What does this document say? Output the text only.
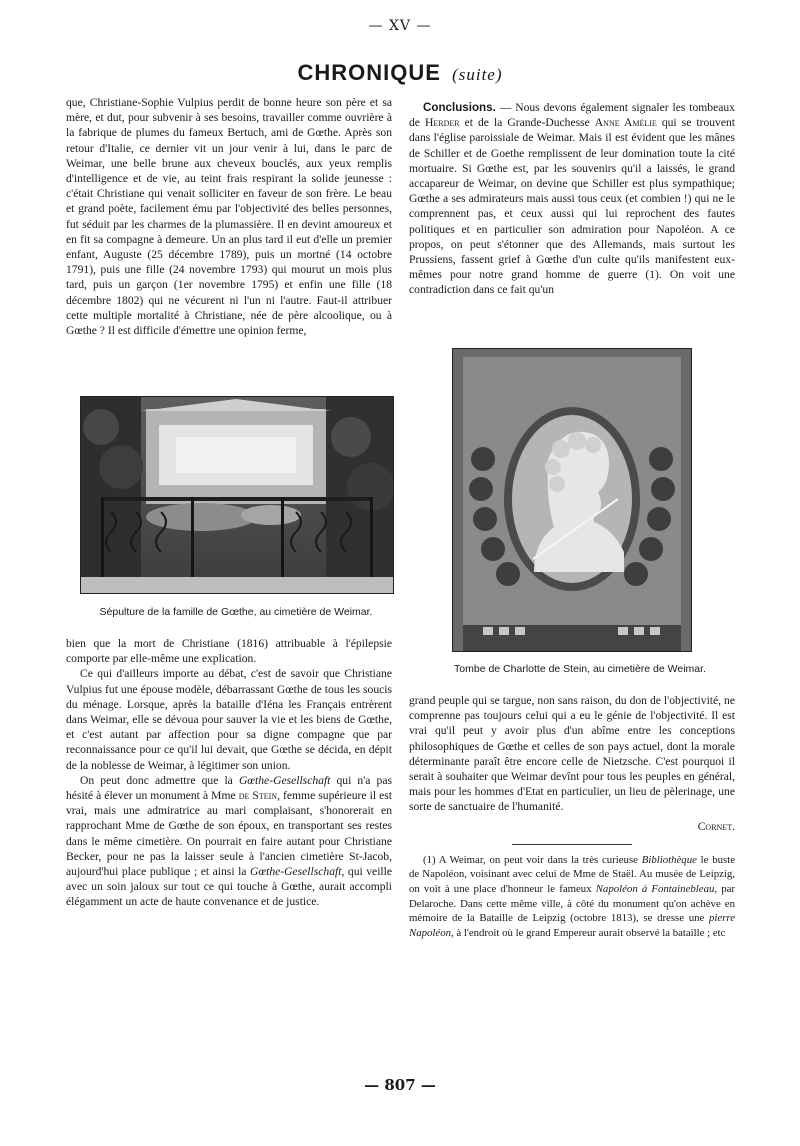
— XV —
CHRONIQUE (suite)

que, Christiane-Sophie Vulpius perdit de bonne heure son père et sa mère, et dut, pour subvenir à ses besoins, travailler comme ouvrière à la fabrique de plumes du fameux Bertuch, ami de Gœthe. Après son retour d'Italie, ce dernier vit un jour venir à lui, dans le parc de Weimar, une belle brune aux cheveux bouclés, aux yeux remplis d'intelligence et de vie, au teint frais respirant la solide jeunesse : c'était Christiane qui venait solliciter en faveur de son frère. Le beau et grand poète, facilement ému par l'objectivité des belles personnes, fut séduit par les charmes de la plumassière. Il en devint amoureux et en fit sa compagne à demeure. Un an plus tard il eut d'elle un premier enfant, Auguste (25 décembre 1789), puis un mortné (14 octobre 1791), puis une fille (24 novembre 1793) qui mourut un mois plus tard, puis un garçon (1er novembre 1795) et enfin une fille (18 décembre 1802) qui ne vécurent ni l'un ni l'autre. Faut-il attribuer cette multiple mortalité à Christiane, née de père alcoolique, ou à Gœthe ? Il est difficile d'émettre une opinion ferme,

Sépulture de la famille de Gœthe, au cimetière de Weimar.

bien que la mort de Christiane (1816) attribuable à l'épilepsie comporte par elle-même une explication.

Ce qui d'ailleurs importe au débat, c'est de savoir que Christiane Vulpius fut une épouse modèle, débarrassant Gœthe de tous les soucis du ménage. Lorsque, après la bataille d'Iéna les Français entrèrent dans Weimar, elle se dévoua pour sauver la vie et les biens de Gœthe, et c'est autant par affection pour sa digne compagne que par reconnaissance pour ce qu'il lui devait, que Gœthe se décida, en dépit de la noblesse de Weimar, à légitimer son union.

On peut donc admettre que la Gœthe-Gesellschaft qui n'a pas hésité à élever un monument à Mme de Stein, femme supérieure il est vrai, mais une admiratrice au mari complaisant, s'honorerait en rapprochant Mme de Gœthe de son époux, en transportant ses restes dans le même cimetière. On pourrait en faire autant pour Christiane Becker, pour ne pas la laisser seule à l'ancien cimetière St-Jacob, aujourd'hui place publique ; et ainsi la Gœthe-Gesellschaft, qui veille avec un soin jaloux sur tout ce qui touche à Gœthe, aurait accompli élégamment un acte de haute convenance et de justice.

Conclusions. — Nous devons également signaler les tombeaux de Herder et de la Grande-Duchesse Anne Amélie qui se trouvent dans l'église paroissiale de Weimar. Mais il est évident que les mânes de Schiller et de Goethe remplissent de leur domination toute la cité mortuaire. Si Gœthe est, par les souvenirs qu'il a laissés, le grand accapareur de Weimar, on devine que Schiller est plus sympathique; Gœthe a ses admirateurs mais aussi tous ceux (et combien !) qui ne le comprennent pas, et ceux aussi qui lui reprochent des fautes politiques et en particulier son admiration pour Napoléon. A ce propos, on peut s'étonner que des Allemands, mais surtout les Prussiens, fassent grief à Gœthe d'un culte qu'ils manifestent eux-mêmes pour notre grand homme de guerre (1). On voit une contradiction dans ce fait qu'un

Tombe de Charlotte de Stein, au cimetière de Weimar.

grand peuple qui se targue, non sans raison, du don de l'objectivité, ne comprenne pas toujours celui qui a eu le génie de l'objectivité. Il est vrai qu'il peut y avoir plus d'un abîme entre les conceptions philosophiques de Gœthe et celles de son pays actuel, dont la morale déterminante paraît être encore celle de Nietzsche. C'est pourquoi il serait à souhaiter que Weimar devînt pour tous les peuples en général, mais pour les hommes d'Etat en particulier, un lieu de pèlerinage, une sorte de sanctuaire de l'humanité.

Cornet.

(1) A Weimar, on peut voir dans la très curieuse Bibliothèque le buste de Napoléon, voisinant avec celui de Mme de Staël. Au musée de Leipzig, on voit à une place d'honneur le fameux Napoléon à Fontainebleau, par Delaroche. Dans cette même ville, à côté du monument qu'on achève en mémoire de la Bataille de Leipzig (octobre 1813), se dresse une pierre Napoléon, à l'endroit où le grand Empereur aurait observé la bataille ; etc

— 807 —
